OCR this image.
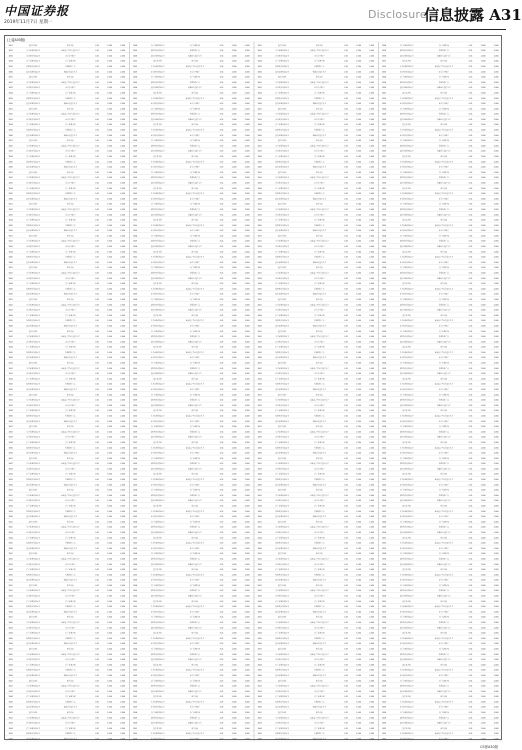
中国证券报
2019年11月7日 星期一
Disclosure
信息披露 A31
(上接A30版)
1001	投资者名称	配售对象	0.01	1,000	2,000
1002	基金管理有限公司	某某混合型证券投资基金	0.01	1,000	2,000
1003	证券股份有限公司	证券自营账户	0.01	1,000	2,000
1004	资产管理有限公司	资产管理计划	0.01	1,000	2,000
1005	保险股份有限公司	传统保险产品	0.01	1,000	2,000
1006	投资管理有限公司	私募证券投资基金	0.01	1,000	2,000
1001	投资者名称	配售对象	0.01	1,000	2,000
1002	基金管理有限公司	某某混合型证券投资基金	0.01	1,000	2,000
1003	证券股份有限公司	证券自营账户	0.01	1,000	2,000
1004	资产管理有限公司	资产管理计划	0.01	1,000	2,000
1005	保险股份有限公司	传统保险产品	0.01	1,000	2,000
1006	投资管理有限公司	私募证券投资基金	0.01	1,000	2,000
1001	投资者名称	配售对象	0.01	1,000	2,000
1002	基金管理有限公司	某某混合型证券投资基金	0.01	1,000	2,000
1003	证券股份有限公司	证券自营账户	0.01	1,000	2,000
1004	资产管理有限公司	资产管理计划	0.01	1,000	2,000
1005	保险股份有限公司	传统保险产品	0.01	1,000	2,000
1006	投资管理有限公司	私募证券投资基金	0.01	1,000	2,000
1001	投资者名称	配售对象	0.01	1,000	2,000
1002	基金管理有限公司	某某混合型证券投资基金	0.01	1,000	2,000
1003	证券股份有限公司	证券自营账户	0.01	1,000	2,000
1004	资产管理有限公司	资产管理计划	0.01	1,000	2,000
1005	保险股份有限公司	传统保险产品	0.01	1,000	2,000
1006	投资管理有限公司	私募证券投资基金	0.01	1,000	2,000
1001	投资者名称	配售对象	0.01	1,000	2,000
1002	基金管理有限公司	某某混合型证券投资基金	0.01	1,000	2,000
1003	证券股份有限公司	证券自营账户	0.01	1,000	2,000
1004	资产管理有限公司	资产管理计划	0.01	1,000	2,000
1005	保险股份有限公司	传统保险产品	0.01	1,000	2,000
1006	投资管理有限公司	私募证券投资基金	0.01	1,000	2,000
1001	投资者名称	配售对象	0.01	1,000	2,000
1002	基金管理有限公司	某某混合型证券投资基金	0.01	1,000	2,000
1003	证券股份有限公司	证券自营账户	0.01	1,000	2,000
1004	资产管理有限公司	资产管理计划	0.01	1,000	2,000
1005	保险股份有限公司	传统保险产品	0.01	1,000	2,000
1006	投资管理有限公司	私募证券投资基金	0.01	1,000	2,000
1001	投资者名称	配售对象	0.01	1,000	2,000
1002	基金管理有限公司	某某混合型证券投资基金	0.01	1,000	2,000
1003	证券股份有限公司	证券自营账户	0.01	1,000	2,000
1004	资产管理有限公司	资产管理计划	0.01	1,000	2,000
1005	保险股份有限公司	传统保险产品	0.01	1,000	2,000
1006	投资管理有限公司	私募证券投资基金	0.01	1,000	2,000
1001	投资者名称	配售对象	0.01	1,000	2,000
1002	基金管理有限公司	某某混合型证券投资基金	0.01	1,000	2,000
1003	证券股份有限公司	证券自营账户	0.01	1,000	2,000
1004	资产管理有限公司	资产管理计划	0.01	1,000	2,000
1005	保险股份有限公司	传统保险产品	0.01	1,000	2,000
1006	投资管理有限公司	私募证券投资基金	0.01	1,000	2,000
1001	投资者名称	配售对象	0.01	1,000	2,000
1002	基金管理有限公司	某某混合型证券投资基金	0.01	1,000	2,000
1003	证券股份有限公司	证券自营账户	0.01	1,000	2,000
1004	资产管理有限公司	资产管理计划	0.01	1,000	2,000
1005	保险股份有限公司	传统保险产品	0.01	1,000	2,000
1006	投资管理有限公司	私募证券投资基金	0.01	1,000	2,000
1001	投资者名称	配售对象	0.01	1,000	2,000
1002	基金管理有限公司	某某混合型证券投资基金	0.01	1,000	2,000
1003	证券股份有限公司	证券自营账户	0.01	1,000	2,000
1004	资产管理有限公司	资产管理计划	0.01	1,000	2,000
1005	保险股份有限公司	传统保险产品	0.01	1,000	2,000
1006	投资管理有限公司	私募证券投资基金	0.01	1,000	2,000
1001	投资者名称	配售对象	0.01	1,000	2,000
1002	基金管理有限公司	某某混合型证券投资基金	0.01	1,000	2,000
1003	证券股份有限公司	证券自营账户	0.01	1,000	2,000
1004	资产管理有限公司	资产管理计划	0.01	1,000	2,000
1005	保险股份有限公司	传统保险产品	0.01	1,000	2,000
1006	投资管理有限公司	私募证券投资基金	0.01	1,000	2,000
1001	投资者名称	配售对象	0.01	1,000	2,000
1002	基金管理有限公司	某某混合型证券投资基金	0.01	1,000	2,000
1003	证券股份有限公司	证券自营账户	0.01	1,000	2,000
1004	资产管理有限公司	资产管理计划	0.01	1,000	2,000
1005	保险股份有限公司	传统保险产品	0.01	1,000	2,000
1006	投资管理有限公司	私募证券投资基金	0.01	1,000	2,000
1001	投资者名称	配售对象	0.01	1,000	2,000
1002	基金管理有限公司	某某混合型证券投资基金	0.01	1,000	2,000
1003	证券股份有限公司	证券自营账户	0.01	1,000	2,000
1004	资产管理有限公司	资产管理计划	0.01	1,000	2,000
1005	保险股份有限公司	传统保险产品	0.01	1,000	2,000
1006	投资管理有限公司	私募证券投资基金	0.01	1,000	2,000
1001	投资者名称	配售对象	0.01	1,000	2,000
1002	基金管理有限公司	某某混合型证券投资基金	0.01	1,000	2,000
1003	证券股份有限公司	证券自营账户	0.01	1,000	2,000
1004	资产管理有限公司	资产管理计划	0.01	1,000	2,000
1005	保险股份有限公司	传统保险产品	0.01	1,000	2,000
1006	投资管理有限公司	私募证券投资基金	0.01	1,000	2,000
1001	投资者名称	配售对象	0.01	1,000	2,000
1002	基金管理有限公司	某某混合型证券投资基金	0.01	1,000	2,000
1003	证券股份有限公司	证券自营账户	0.01	1,000	2,000
1004	资产管理有限公司	资产管理计划	0.01	1,000	2,000
1005	保险股份有限公司	传统保险产品	0.01	1,000	2,000
1006	投资管理有限公司	私募证券投资基金	0.01	1,000	2,000
1001	投资者名称	配售对象	0.01	1,000	2,000
1002	基金管理有限公司	某某混合型证券投资基金	0.01	1,000	2,000
1003	证券股份有限公司	证券自营账户	0.01	1,000	2,000
1004	资产管理有限公司	资产管理计划	0.01	1,000	2,000
1005	保险股份有限公司	传统保险产品	0.01	1,000	2,000
1006	投资管理有限公司	私募证券投资基金	0.01	1,000	2,000
1001	投资者名称	配售对象	0.01	1,000	2,000
1002	基金管理有限公司	某某混合型证券投资基金	0.01	1,000	2,000
1003	证券股份有限公司	证券自营账户	0.01	1,000	2,000
1004	资产管理有限公司	资产管理计划	0.01	1,000	2,000
1005	保险股份有限公司	传统保险产品	0.01	1,000	2,000
1006	投资管理有限公司	私募证券投资基金	0.01	1,000	2,000
1001	投资者名称	配售对象	0.01	1,000	2,000
1002	基金管理有限公司	某某混合型证券投资基金	0.01	1,000	2,000
1003	证券股份有限公司	证券自营账户	0.01	1,000	2,000
1004	资产管理有限公司	资产管理计划	0.01	1,000	2,000
1005	保险股份有限公司	传统保险产品	0.01	1,000	2,000
1006	投资管理有限公司	私募证券投资基金	0.01	1,000	2,000
1001	投资者名称	配售对象	0.01	1,000	2,000
1002	基金管理有限公司	某某混合型证券投资基金	0.01	1,000	2,000
1003	证券股份有限公司	证券自营账户	0.01	1,000	2,000
1004	资产管理有限公司	资产管理计划	0.01	1,000	2,000
1005	保险股份有限公司	传统保险产品	0.01	1,000	2,000
1006	投资管理有限公司	私募证券投资基金	0.01	1,000	2,000
1001	投资者名称	配售对象	0.01	1,000	2,000
1002	基金管理有限公司	某某混合型证券投资基金	0.01	1,000	2,000
1003	证券股份有限公司	证券自营账户	0.01	1,000	2,000
1004	资产管理有限公司	资产管理计划	0.01	1,000	2,000
1005	保险股份有限公司	传统保险产品	0.01	1,000	2,000
1006	投资管理有限公司	私募证券投资基金	0.01	1,000	2,000
1001	投资者名称	配售对象	0.01	1,000	2,000
1002	基金管理有限公司	某某混合型证券投资基金	0.01	1,000	2,000
1003	证券股份有限公司	证券自营账户	0.01	1,000	2,000
1004	资产管理有限公司	资产管理计划	0.01	1,000	2,000
1005	保险股份有限公司	传统保险产品	0.01	1,000	2,000
1006	投资管理有限公司	私募证券投资基金	0.01	1,000	2,000
1001	投资者名称	配售对象	0.01	1,000	2,000
1002	基金管理有限公司	某某混合型证券投资基金	0.01	1,000	2,000
1003	证券股份有限公司	证券自营账户	0.01	1,000	2,000
1004	资产管理有限公司	资产管理计划	0.01	1,000	2,000
1005	保险股份有限公司	传统保险产品	0.01	1,000	2,000
1006	投资管理有限公司	私募证券投资基金	0.01	1,000	2,000
1004	资产管理有限公司	资产管理计划	0.01	1,000	2,000
1005	保险股份有限公司	传统保险产品	0.01	1,000	2,000
1006	投资管理有限公司	私募证券投资基金	0.01	1,000	2,000
1001	投资者名称	配售对象	0.01	1,000	2,000
1002	基金管理有限公司	某某混合型证券投资基金	0.01	1,000	2,000
1003	证券股份有限公司	证券自营账户	0.01	1,000	2,000
1004	资产管理有限公司	资产管理计划	0.01	1,000	2,000
1005	保险股份有限公司	传统保险产品	0.01	1,000	2,000
1006	投资管理有限公司	私募证券投资基金	0.01	1,000	2,000
1001	投资者名称	配售对象	0.01	1,000	2,000
1002	基金管理有限公司	某某混合型证券投资基金	0.01	1,000	2,000
1003	证券股份有限公司	证券自营账户	0.01	1,000	2,000
1004	资产管理有限公司	资产管理计划	0.01	1,000	2,000
1005	保险股份有限公司	传统保险产品	0.01	1,000	2,000
1006	投资管理有限公司	私募证券投资基金	0.01	1,000	2,000
1001	投资者名称	配售对象	0.01	1,000	2,000
1002	基金管理有限公司	某某混合型证券投资基金	0.01	1,000	2,000
1003	证券股份有限公司	证券自营账户	0.01	1,000	2,000
1004	资产管理有限公司	资产管理计划	0.01	1,000	2,000
1005	保险股份有限公司	传统保险产品	0.01	1,000	2,000
1006	投资管理有限公司	私募证券投资基金	0.01	1,000	2,000
1001	投资者名称	配售对象	0.01	1,000	2,000
1002	基金管理有限公司	某某混合型证券投资基金	0.01	1,000	2,000
1003	证券股份有限公司	证券自营账户	0.01	1,000	2,000
1004	资产管理有限公司	资产管理计划	0.01	1,000	2,000
1005	保险股份有限公司	传统保险产品	0.01	1,000	2,000
1006	投资管理有限公司	私募证券投资基金	0.01	1,000	2,000
1001	投资者名称	配售对象	0.01	1,000	2,000
1002	基金管理有限公司	某某混合型证券投资基金	0.01	1,000	2,000
1003	证券股份有限公司	证券自营账户	0.01	1,000	2,000
1004	资产管理有限公司	资产管理计划	0.01	1,000	2,000
1005	保险股份有限公司	传统保险产品	0.01	1,000	2,000
1006	投资管理有限公司	私募证券投资基金	0.01	1,000	2,000
1001	投资者名称	配售对象	0.01	1,000	2,000
1002	基金管理有限公司	某某混合型证券投资基金	0.01	1,000	2,000
1003	证券股份有限公司	证券自营账户	0.01	1,000	2,000
1004	资产管理有限公司	资产管理计划	0.01	1,000	2,000
1005	保险股份有限公司	传统保险产品	0.01	1,000	2,000
1006	投资管理有限公司	私募证券投资基金	0.01	1,000	2,000
1001	投资者名称	配售对象	0.01	1,000	2,000
1002	基金管理有限公司	某某混合型证券投资基金	0.01	1,000	2,000
1003	证券股份有限公司	证券自营账户	0.01	1,000	2,000
1004	资产管理有限公司	资产管理计划	0.01	1,000	2,000
1005	保险股份有限公司	传统保险产品	0.01	1,000	2,000
1006	投资管理有限公司	私募证券投资基金	0.01	1,000	2,000
1001	投资者名称	配售对象	0.01	1,000	2,000
1002	基金管理有限公司	某某混合型证券投资基金	0.01	1,000	2,000
1003	证券股份有限公司	证券自营账户	0.01	1,000	2,000
1004	资产管理有限公司	资产管理计划	0.01	1,000	2,000
1005	保险股份有限公司	传统保险产品	0.01	1,000	2,000
1006	投资管理有限公司	私募证券投资基金	0.01	1,000	2,000
1001	投资者名称	配售对象	0.01	1,000	2,000
1002	基金管理有限公司	某某混合型证券投资基金	0.01	1,000	2,000
1003	证券股份有限公司	证券自营账户	0.01	1,000	2,000
1004	资产管理有限公司	资产管理计划	0.01	1,000	2,000
1005	保险股份有限公司	传统保险产品	0.01	1,000	2,000
1006	投资管理有限公司	私募证券投资基金	0.01	1,000	2,000
1001	投资者名称	配售对象	0.01	1,000	2,000
1002	基金管理有限公司	某某混合型证券投资基金	0.01	1,000	2,000
1003	证券股份有限公司	证券自营账户	0.01	1,000	2,000
1004	资产管理有限公司	资产管理计划	0.01	1,000	2,000
1005	保险股份有限公司	传统保险产品	0.01	1,000	2,000
1006	投资管理有限公司	私募证券投资基金	0.01	1,000	2,000
1001	投资者名称	配售对象	0.01	1,000	2,000
1002	基金管理有限公司	某某混合型证券投资基金	0.01	1,000	2,000
1003	证券股份有限公司	证券自营账户	0.01	1,000	2,000
1004	资产管理有限公司	资产管理计划	0.01	1,000	2,000
1005	保险股份有限公司	传统保险产品	0.01	1,000	2,000
1006	投资管理有限公司	私募证券投资基金	0.01	1,000	2,000
1001	投资者名称	配售对象	0.01	1,000	2,000
1002	基金管理有限公司	某某混合型证券投资基金	0.01	1,000	2,000
1003	证券股份有限公司	证券自营账户	0.01	1,000	2,000
1004	资产管理有限公司	资产管理计划	0.01	1,000	2,000
1005	保险股份有限公司	传统保险产品	0.01	1,000	2,000
1006	投资管理有限公司	私募证券投资基金	0.01	1,000	2,000
1001	投资者名称	配售对象	0.01	1,000	2,000
1002	基金管理有限公司	某某混合型证券投资基金	0.01	1,000	2,000
1003	证券股份有限公司	证券自营账户	0.01	1,000	2,000
1004	资产管理有限公司	资产管理计划	0.01	1,000	2,000
1005	保险股份有限公司	传统保险产品	0.01	1,000	2,000
1006	投资管理有限公司	私募证券投资基金	0.01	1,000	2,000
1001	投资者名称	配售对象	0.01	1,000	2,000
1002	基金管理有限公司	某某混合型证券投资基金	0.01	1,000	2,000
1003	证券股份有限公司	证券自营账户	0.01	1,000	2,000
1004	资产管理有限公司	资产管理计划	0.01	1,000	2,000
1005	保险股份有限公司	传统保险产品	0.01	1,000	2,000
1006	投资管理有限公司	私募证券投资基金	0.01	1,000	2,000
1001	投资者名称	配售对象	0.01	1,000	2,000
1002	基金管理有限公司	某某混合型证券投资基金	0.01	1,000	2,000
1003	证券股份有限公司	证券自营账户	0.01	1,000	2,000
1004	资产管理有限公司	资产管理计划	0.01	1,000	2,000
1005	保险股份有限公司	传统保险产品	0.01	1,000	2,000
1006	投资管理有限公司	私募证券投资基金	0.01	1,000	2,000
1001	投资者名称	配售对象	0.01	1,000	2,000
1002	基金管理有限公司	某某混合型证券投资基金	0.01	1,000	2,000
1003	证券股份有限公司	证券自营账户	0.01	1,000	2,000
1004	资产管理有限公司	资产管理计划	0.01	1,000	2,000
1005	保险股份有限公司	传统保险产品	0.01	1,000	2,000
1006	投资管理有限公司	私募证券投资基金	0.01	1,000	2,000
1001	投资者名称	配售对象	0.01	1,000	2,000
1002	基金管理有限公司	某某混合型证券投资基金	0.01	1,000	2,000
1003	证券股份有限公司	证券自营账户	0.01	1,000	2,000
1004	资产管理有限公司	资产管理计划	0.01	1,000	2,000
1005	保险股份有限公司	传统保险产品	0.01	1,000	2,000
1006	投资管理有限公司	私募证券投资基金	0.01	1,000	2,000
1001	投资者名称	配售对象	0.01	1,000	2,000
1002	基金管理有限公司	某某混合型证券投资基金	0.01	1,000	2,000
1003	证券股份有限公司	证券自营账户	0.01	1,000	2,000
1004	资产管理有限公司	资产管理计划	0.01	1,000	2,000
1005	保险股份有限公司	传统保险产品	0.01	1,000	2,000
1006	投资管理有限公司	私募证券投资基金	0.01	1,000	2,000
1001	投资者名称	配售对象	0.01	1,000	2,000
1002	基金管理有限公司	某某混合型证券投资基金	0.01	1,000	2,000
1003	证券股份有限公司	证券自营账户	0.01	1,000	2,000
1004	资产管理有限公司	资产管理计划	0.01	1,000	2,000
1005	保险股份有限公司	传统保险产品	0.01	1,000	2,000
1006	投资管理有限公司	私募证券投资基金	0.01	1,000	2,000
1001	投资者名称	配售对象	0.01	1,000	2,000
1002	基金管理有限公司	某某混合型证券投资基金	0.01	1,000	2,000
1003	证券股份有限公司	证券自营账户	0.01	1,000	2,000
1004	资产管理有限公司	资产管理计划	0.01	1,000	2,000
1005	保险股份有限公司	传统保险产品	0.01	1,000	2,000
1006	投资管理有限公司	私募证券投资基金	0.01	1,000	2,000
1001	投资者名称	配售对象	0.01	1,000	2,000
1002	基金管理有限公司	某某混合型证券投资基金	0.01	1,000	2,000
1003	证券股份有限公司	证券自营账户	0.01	1,000	2,000
1004	资产管理有限公司	资产管理计划	0.01	1,000	2,000
1005	保险股份有限公司	传统保险产品	0.01	1,000	2,000
1006	投资管理有限公司	私募证券投资基金	0.01	1,000	2,000
1001	投资者名称	配售对象	0.01	1,000	2,000
1002	基金管理有限公司	某某混合型证券投资基金	0.01	1,000	2,000
1003	证券股份有限公司	证券自营账户	0.01	1,000	2,000
1001	投资者名称	配售对象	0.01	1,000	2,000
1002	基金管理有限公司	某某混合型证券投资基金	0.01	1,000	2,000
1003	证券股份有限公司	证券自营账户	0.01	1,000	2,000
1004	资产管理有限公司	资产管理计划	0.01	1,000	2,000
1005	保险股份有限公司	传统保险产品	0.01	1,000	2,000
1006	投资管理有限公司	私募证券投资基金	0.01	1,000	2,000
1001	投资者名称	配售对象	0.01	1,000	2,000
1002	基金管理有限公司	某某混合型证券投资基金	0.01	1,000	2,000
1003	证券股份有限公司	证券自营账户	0.01	1,000	2,000
1004	资产管理有限公司	资产管理计划	0.01	1,000	2,000
1005	保险股份有限公司	传统保险产品	0.01	1,000	2,000
1006	投资管理有限公司	私募证券投资基金	0.01	1,000	2,000
1001	投资者名称	配售对象	0.01	1,000	2,000
1002	基金管理有限公司	某某混合型证券投资基金	0.01	1,000	2,000
1003	证券股份有限公司	证券自营账户	0.01	1,000	2,000
1004	资产管理有限公司	资产管理计划	0.01	1,000	2,000
1005	保险股份有限公司	传统保险产品	0.01	1,000	2,000
1006	投资管理有限公司	私募证券投资基金	0.01	1,000	2,000
1001	投资者名称	配售对象	0.01	1,000	2,000
1002	基金管理有限公司	某某混合型证券投资基金	0.01	1,000	2,000
1003	证券股份有限公司	证券自营账户	0.01	1,000	2,000
1004	资产管理有限公司	资产管理计划	0.01	1,000	2,000
1005	保险股份有限公司	传统保险产品	0.01	1,000	2,000
1006	投资管理有限公司	私募证券投资基金	0.01	1,000	2,000
1001	投资者名称	配售对象	0.01	1,000	2,000
1002	基金管理有限公司	某某混合型证券投资基金	0.01	1,000	2,000
1003	证券股份有限公司	证券自营账户	0.01	1,000	2,000
1004	资产管理有限公司	资产管理计划	0.01	1,000	2,000
1005	保险股份有限公司	传统保险产品	0.01	1,000	2,000
1006	投资管理有限公司	私募证券投资基金	0.01	1,000	2,000
1001	投资者名称	配售对象	0.01	1,000	2,000
1002	基金管理有限公司	某某混合型证券投资基金	0.01	1,000	2,000
1003	证券股份有限公司	证券自营账户	0.01	1,000	2,000
1004	资产管理有限公司	资产管理计划	0.01	1,000	2,000
1005	保险股份有限公司	传统保险产品	0.01	1,000	2,000
1006	投资管理有限公司	私募证券投资基金	0.01	1,000	2,000
1001	投资者名称	配售对象	0.01	1,000	2,000
1002	基金管理有限公司	某某混合型证券投资基金	0.01	1,000	2,000
1003	证券股份有限公司	证券自营账户	0.01	1,000	2,000
1004	资产管理有限公司	资产管理计划	0.01	1,000	2,000
1005	保险股份有限公司	传统保险产品	0.01	1,000	2,000
1006	投资管理有限公司	私募证券投资基金	0.01	1,000	2,000
1001	投资者名称	配售对象	0.01	1,000	2,000
1002	基金管理有限公司	某某混合型证券投资基金	0.01	1,000	2,000
1003	证券股份有限公司	证券自营账户	0.01	1,000	2,000
1004	资产管理有限公司	资产管理计划	0.01	1,000	2,000
1005	保险股份有限公司	传统保险产品	0.01	1,000	2,000
1006	投资管理有限公司	私募证券投资基金	0.01	1,000	2,000
1001	投资者名称	配售对象	0.01	1,000	2,000
1002	基金管理有限公司	某某混合型证券投资基金	0.01	1,000	2,000
1003	证券股份有限公司	证券自营账户	0.01	1,000	2,000
1004	资产管理有限公司	资产管理计划	0.01	1,000	2,000
1005	保险股份有限公司	传统保险产品	0.01	1,000	2,000
1006	投资管理有限公司	私募证券投资基金	0.01	1,000	2,000
1001	投资者名称	配售对象	0.01	1,000	2,000
1002	基金管理有限公司	某某混合型证券投资基金	0.01	1,000	2,000
1003	证券股份有限公司	证券自营账户	0.01	1,000	2,000
1004	资产管理有限公司	资产管理计划	0.01	1,000	2,000
1005	保险股份有限公司	传统保险产品	0.01	1,000	2,000
1006	投资管理有限公司	私募证券投资基金	0.01	1,000	2,000
1001	投资者名称	配售对象	0.01	1,000	2,000
1002	基金管理有限公司	某某混合型证券投资基金	0.01	1,000	2,000
1003	证券股份有限公司	证券自营账户	0.01	1,000	2,000
1004	资产管理有限公司	资产管理计划	0.01	1,000	2,000
1005	保险股份有限公司	传统保险产品	0.01	1,000	2,000
1006	投资管理有限公司	私募证券投资基金	0.01	1,000	2,000
1001	投资者名称	配售对象	0.01	1,000	2,000
1002	基金管理有限公司	某某混合型证券投资基金	0.01	1,000	2,000
1003	证券股份有限公司	证券自营账户	0.01	1,000	2,000
1004	资产管理有限公司	资产管理计划	0.01	1,000	2,000
1005	保险股份有限公司	传统保险产品	0.01	1,000	2,000
1006	投资管理有限公司	私募证券投资基金	0.01	1,000	2,000
1001	投资者名称	配售对象	0.01	1,000	2,000
1002	基金管理有限公司	某某混合型证券投资基金	0.01	1,000	2,000
1003	证券股份有限公司	证券自营账户	0.01	1,000	2,000
1004	资产管理有限公司	资产管理计划	0.01	1,000	2,000
1005	保险股份有限公司	传统保险产品	0.01	1,000	2,000
1006	投资管理有限公司	私募证券投资基金	0.01	1,000	2,000
1001	投资者名称	配售对象	0.01	1,000	2,000
1002	基金管理有限公司	某某混合型证券投资基金	0.01	1,000	2,000
1003	证券股份有限公司	证券自营账户	0.01	1,000	2,000
1004	资产管理有限公司	资产管理计划	0.01	1,000	2,000
1005	保险股份有限公司	传统保险产品	0.01	1,000	2,000
1006	投资管理有限公司	私募证券投资基金	0.01	1,000	2,000
1001	投资者名称	配售对象	0.01	1,000	2,000
1002	基金管理有限公司	某某混合型证券投资基金	0.01	1,000	2,000
1003	证券股份有限公司	证券自营账户	0.01	1,000	2,000
1004	资产管理有限公司	资产管理计划	0.01	1,000	2,000
1005	保险股份有限公司	传统保险产品	0.01	1,000	2,000
1006	投资管理有限公司	私募证券投资基金	0.01	1,000	2,000
1001	投资者名称	配售对象	0.01	1,000	2,000
1002	基金管理有限公司	某某混合型证券投资基金	0.01	1,000	2,000
1003	证券股份有限公司	证券自营账户	0.01	1,000	2,000
1004	资产管理有限公司	资产管理计划	0.01	1,000	2,000
1005	保险股份有限公司	传统保险产品	0.01	1,000	2,000
1006	投资管理有限公司	私募证券投资基金	0.01	1,000	2,000
1001	投资者名称	配售对象	0.01	1,000	2,000
1002	基金管理有限公司	某某混合型证券投资基金	0.01	1,000	2,000
1003	证券股份有限公司	证券自营账户	0.01	1,000	2,000
1004	资产管理有限公司	资产管理计划	0.01	1,000	2,000
1005	保险股份有限公司	传统保险产品	0.01	1,000	2,000
1006	投资管理有限公司	私募证券投资基金	0.01	1,000	2,000
1001	投资者名称	配售对象	0.01	1,000	2,000
1002	基金管理有限公司	某某混合型证券投资基金	0.01	1,000	2,000
1003	证券股份有限公司	证券自营账户	0.01	1,000	2,000
1004	资产管理有限公司	资产管理计划	0.01	1,000	2,000
1005	保险股份有限公司	传统保险产品	0.01	1,000	2,000
1006	投资管理有限公司	私募证券投资基金	0.01	1,000	2,000
1001	投资者名称	配售对象	0.01	1,000	2,000
1002	基金管理有限公司	某某混合型证券投资基金	0.01	1,000	2,000
1003	证券股份有限公司	证券自营账户	0.01	1,000	2,000
1004	资产管理有限公司	资产管理计划	0.01	1,000	2,000
1005	保险股份有限公司	传统保险产品	0.01	1,000	2,000
1006	投资管理有限公司	私募证券投资基金	0.01	1,000	2,000
1001	投资者名称	配售对象	0.01	1,000	2,000
1002	基金管理有限公司	某某混合型证券投资基金	0.01	1,000	2,000
1003	证券股份有限公司	证券自营账户	0.01	1,000	2,000
1004	资产管理有限公司	资产管理计划	0.01	1,000	2,000
1005	保险股份有限公司	传统保险产品	0.01	1,000	2,000
1006	投资管理有限公司	私募证券投资基金	0.01	1,000	2,000
1001	投资者名称	配售对象	0.01	1,000	2,000
1002	基金管理有限公司	某某混合型证券投资基金	0.01	1,000	2,000
1003	证券股份有限公司	证券自营账户	0.01	1,000	2,000
1004	资产管理有限公司	资产管理计划	0.01	1,000	2,000
1005	保险股份有限公司	传统保险产品	0.01	1,000	2,000
1006	投资管理有限公司	私募证券投资基金	0.01	1,000	2,000
1001	投资者名称	配售对象	0.01	1,000	2,000
1002	基金管理有限公司	某某混合型证券投资基金	0.01	1,000	2,000
1003	证券股份有限公司	证券自营账户	0.01	1,000	2,000
1004	资产管理有限公司	资产管理计划	0.01	1,000	2,000
1005	保险股份有限公司	传统保险产品	0.01	1,000	2,000
1006	投资管理有限公司	私募证券投资基金	0.01	1,000	2,000
1004	资产管理有限公司	资产管理计划	0.01	1,000	2,000
1005	保险股份有限公司	传统保险产品	0.01	1,000	2,000
1006	投资管理有限公司	私募证券投资基金	0.01	1,000	2,000
1001	投资者名称	配售对象	0.01	1,000	2,000
1002	基金管理有限公司	某某混合型证券投资基金	0.01	1,000	2,000
1003	证券股份有限公司	证券自营账户	0.01	1,000	2,000
1004	资产管理有限公司	资产管理计划	0.01	1,000	2,000
1005	保险股份有限公司	传统保险产品	0.01	1,000	2,000
1006	投资管理有限公司	私募证券投资基金	0.01	1,000	2,000
1001	投资者名称	配售对象	0.01	1,000	2,000
1002	基金管理有限公司	某某混合型证券投资基金	0.01	1,000	2,000
1003	证券股份有限公司	证券自营账户	0.01	1,000	2,000
1004	资产管理有限公司	资产管理计划	0.01	1,000	2,000
1005	保险股份有限公司	传统保险产品	0.01	1,000	2,000
1006	投资管理有限公司	私募证券投资基金	0.01	1,000	2,000
1001	投资者名称	配售对象	0.01	1,000	2,000
1002	基金管理有限公司	某某混合型证券投资基金	0.01	1,000	2,000
1003	证券股份有限公司	证券自营账户	0.01	1,000	2,000
1004	资产管理有限公司	资产管理计划	0.01	1,000	2,000
1005	保险股份有限公司	传统保险产品	0.01	1,000	2,000
1006	投资管理有限公司	私募证券投资基金	0.01	1,000	2,000
1001	投资者名称	配售对象	0.01	1,000	2,000
1002	基金管理有限公司	某某混合型证券投资基金	0.01	1,000	2,000
1003	证券股份有限公司	证券自营账户	0.01	1,000	2,000
1004	资产管理有限公司	资产管理计划	0.01	1,000	2,000
1005	保险股份有限公司	传统保险产品	0.01	1,000	2,000
1006	投资管理有限公司	私募证券投资基金	0.01	1,000	2,000
1001	投资者名称	配售对象	0.01	1,000	2,000
1002	基金管理有限公司	某某混合型证券投资基金	0.01	1,000	2,000
1003	证券股份有限公司	证券自营账户	0.01	1,000	2,000
1004	资产管理有限公司	资产管理计划	0.01	1,000	2,000
1005	保险股份有限公司	传统保险产品	0.01	1,000	2,000
1006	投资管理有限公司	私募证券投资基金	0.01	1,000	2,000
1001	投资者名称	配售对象	0.01	1,000	2,000
1002	基金管理有限公司	某某混合型证券投资基金	0.01	1,000	2,000
1003	证券股份有限公司	证券自营账户	0.01	1,000	2,000
1004	资产管理有限公司	资产管理计划	0.01	1,000	2,000
1005	保险股份有限公司	传统保险产品	0.01	1,000	2,000
1006	投资管理有限公司	私募证券投资基金	0.01	1,000	2,000
1001	投资者名称	配售对象	0.01	1,000	2,000
1002	基金管理有限公司	某某混合型证券投资基金	0.01	1,000	2,000
1003	证券股份有限公司	证券自营账户	0.01	1,000	2,000
1004	资产管理有限公司	资产管理计划	0.01	1,000	2,000
1005	保险股份有限公司	传统保险产品	0.01	1,000	2,000
1006	投资管理有限公司	私募证券投资基金	0.01	1,000	2,000
1001	投资者名称	配售对象	0.01	1,000	2,000
1002	基金管理有限公司	某某混合型证券投资基金	0.01	1,000	2,000
1003	证券股份有限公司	证券自营账户	0.01	1,000	2,000
1004	资产管理有限公司	资产管理计划	0.01	1,000	2,000
1005	保险股份有限公司	传统保险产品	0.01	1,000	2,000
1006	投资管理有限公司	私募证券投资基金	0.01	1,000	2,000
1001	投资者名称	配售对象	0.01	1,000	2,000
1002	基金管理有限公司	某某混合型证券投资基金	0.01	1,000	2,000
1003	证券股份有限公司	证券自营账户	0.01	1,000	2,000
1004	资产管理有限公司	资产管理计划	0.01	1,000	2,000
1005	保险股份有限公司	传统保险产品	0.01	1,000	2,000
1006	投资管理有限公司	私募证券投资基金	0.01	1,000	2,000
1001	投资者名称	配售对象	0.01	1,000	2,000
1002	基金管理有限公司	某某混合型证券投资基金	0.01	1,000	2,000
1003	证券股份有限公司	证券自营账户	0.01	1,000	2,000
1004	资产管理有限公司	资产管理计划	0.01	1,000	2,000
1005	保险股份有限公司	传统保险产品	0.01	1,000	2,000
1006	投资管理有限公司	私募证券投资基金	0.01	1,000	2,000
1001	投资者名称	配售对象	0.01	1,000	2,000
1002	基金管理有限公司	某某混合型证券投资基金	0.01	1,000	2,000
1003	证券股份有限公司	证券自营账户	0.01	1,000	2,000
1004	资产管理有限公司	资产管理计划	0.01	1,000	2,000
1005	保险股份有限公司	传统保险产品	0.01	1,000	2,000
1006	投资管理有限公司	私募证券投资基金	0.01	1,000	2,000
1001	投资者名称	配售对象	0.01	1,000	2,000
1002	基金管理有限公司	某某混合型证券投资基金	0.01	1,000	2,000
1003	证券股份有限公司	证券自营账户	0.01	1,000	2,000
1004	资产管理有限公司	资产管理计划	0.01	1,000	2,000
1005	保险股份有限公司	传统保险产品	0.01	1,000	2,000
1006	投资管理有限公司	私募证券投资基金	0.01	1,000	2,000
1001	投资者名称	配售对象	0.01	1,000	2,000
1002	基金管理有限公司	某某混合型证券投资基金	0.01	1,000	2,000
1003	证券股份有限公司	证券自营账户	0.01	1,000	2,000
1004	资产管理有限公司	资产管理计划	0.01	1,000	2,000
1005	保险股份有限公司	传统保险产品	0.01	1,000	2,000
1006	投资管理有限公司	私募证券投资基金	0.01	1,000	2,000
1001	投资者名称	配售对象	0.01	1,000	2,000
1002	基金管理有限公司	某某混合型证券投资基金	0.01	1,000	2,000
1003	证券股份有限公司	证券自营账户	0.01	1,000	2,000
1004	资产管理有限公司	资产管理计划	0.01	1,000	2,000
1005	保险股份有限公司	传统保险产品	0.01	1,000	2,000
1006	投资管理有限公司	私募证券投资基金	0.01	1,000	2,000
1001	投资者名称	配售对象	0.01	1,000	2,000
1002	基金管理有限公司	某某混合型证券投资基金	0.01	1,000	2,000
1003	证券股份有限公司	证券自营账户	0.01	1,000	2,000
1004	资产管理有限公司	资产管理计划	0.01	1,000	2,000
1005	保险股份有限公司	传统保险产品	0.01	1,000	2,000
1006	投资管理有限公司	私募证券投资基金	0.01	1,000	2,000
1001	投资者名称	配售对象	0.01	1,000	2,000
1002	基金管理有限公司	某某混合型证券投资基金	0.01	1,000	2,000
1003	证券股份有限公司	证券自营账户	0.01	1,000	2,000
1004	资产管理有限公司	资产管理计划	0.01	1,000	2,000
1005	保险股份有限公司	传统保险产品	0.01	1,000	2,000
1006	投资管理有限公司	私募证券投资基金	0.01	1,000	2,000
1001	投资者名称	配售对象	0.01	1,000	2,000
1002	基金管理有限公司	某某混合型证券投资基金	0.01	1,000	2,000
1003	证券股份有限公司	证券自营账户	0.01	1,000	2,000
1004	资产管理有限公司	资产管理计划	0.01	1,000	2,000
1005	保险股份有限公司	传统保险产品	0.01	1,000	2,000
1006	投资管理有限公司	私募证券投资基金	0.01	1,000	2,000
1001	投资者名称	配售对象	0.01	1,000	2,000
1002	基金管理有限公司	某某混合型证券投资基金	0.01	1,000	2,000
1003	证券股份有限公司	证券自营账户	0.01	1,000	2,000
1004	资产管理有限公司	资产管理计划	0.01	1,000	2,000
1005	保险股份有限公司	传统保险产品	0.01	1,000	2,000
1006	投资管理有限公司	私募证券投资基金	0.01	1,000	2,000
1001	投资者名称	配售对象	0.01	1,000	2,000
1002	基金管理有限公司	某某混合型证券投资基金	0.01	1,000	2,000
1003	证券股份有限公司	证券自营账户	0.01	1,000	2,000
1004	资产管理有限公司	资产管理计划	0.01	1,000	2,000
1005	保险股份有限公司	传统保险产品	0.01	1,000	2,000
1006	投资管理有限公司	私募证券投资基金	0.01	1,000	2,000
1001	投资者名称	配售对象	0.01	1,000	2,000
1002	基金管理有限公司	某某混合型证券投资基金	0.01	1,000	2,000
1003	证券股份有限公司	证券自营账户	0.01	1,000	2,000
1004	资产管理有限公司	资产管理计划	0.01	1,000	2,000
1005	保险股份有限公司	传统保险产品	0.01	1,000	2,000
1006	投资管理有限公司	私募证券投资基金	0.01	1,000	2,000
1001	投资者名称	配售对象	0.01	1,000	2,000
1002	基金管理有限公司	某某混合型证券投资基金	0.01	1,000	2,000
1003	证券股份有限公司	证券自营账户	0.01	1,000	2,000
1004	资产管理有限公司	资产管理计划	0.01	1,000	2,000
1005	保险股份有限公司	传统保险产品	0.01	1,000	2,000
1006	投资管理有限公司	私募证券投资基金	0.01	1,000	2,000
1001	投资者名称	配售对象	0.01	1,000	2,000
1002	基金管理有限公司	某某混合型证券投资基金	0.01	1,000	2,000
1003	证券股份有限公司	证券自营账户	0.01	1,000	2,000
CS@A30版
